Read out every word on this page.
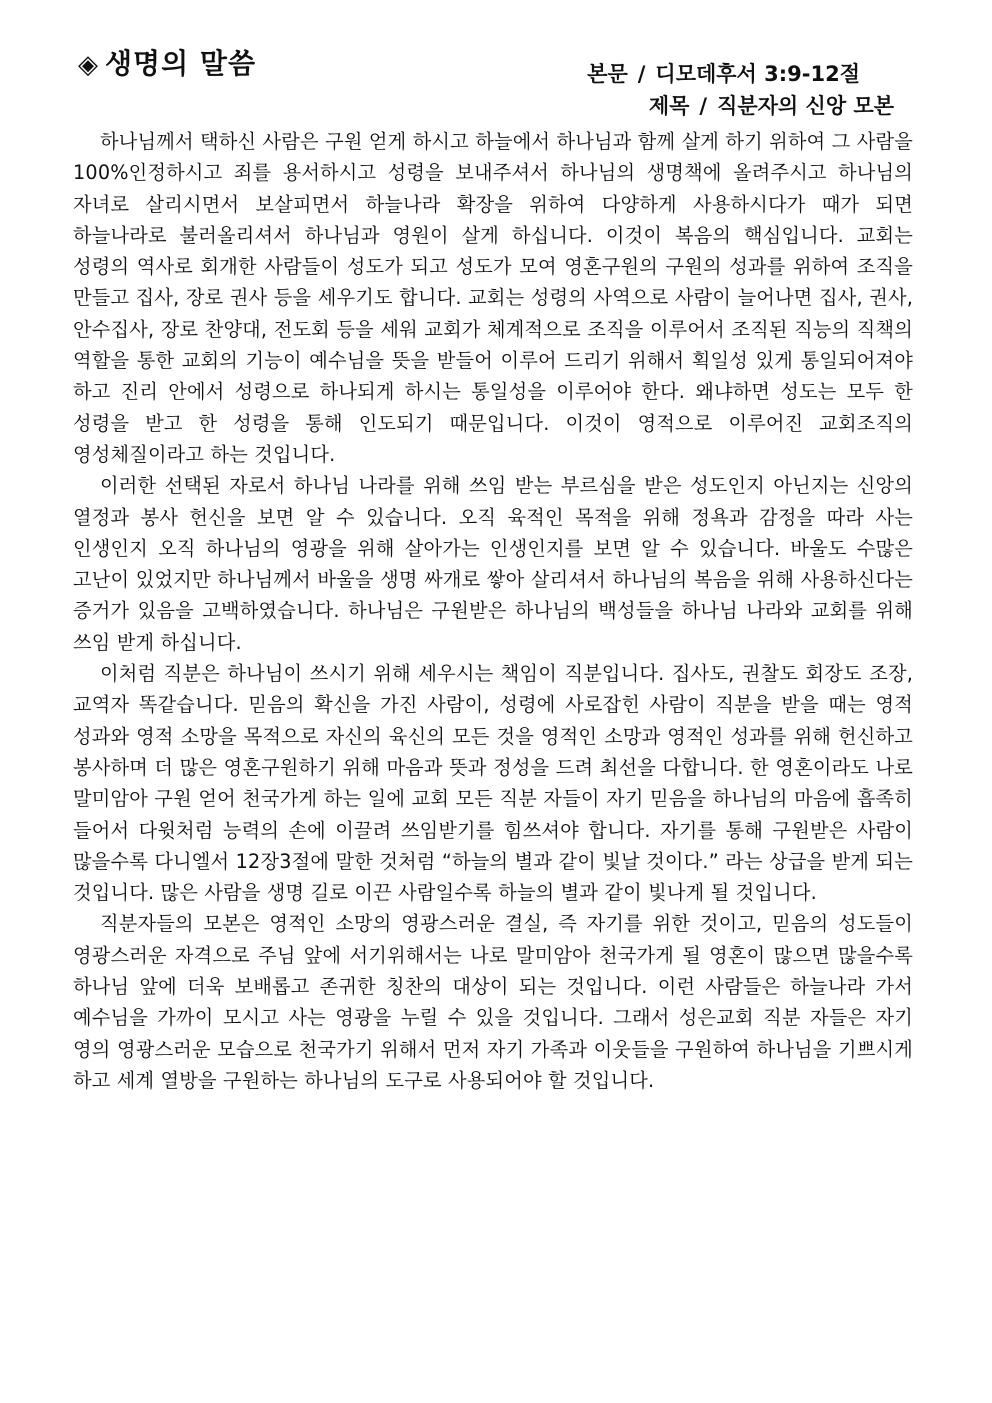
◈ 생명의 말씀	본문 / 디모데후서 3:9-12절
제목 / 직분자의 신앙 모본

하나님께서 택하신 사람은 구원 얻게 하시고 하늘에서 하나님과 함께 살게 하기 위하여 그 사람을 100%인정하시고 죄를 용서하시고 성령을 보내주셔서 하나님의 생명책에 올려주시고 하나님의 자녀로 살리시면서 보살피면서 하늘나라 확장을 위하여 다양하게 사용하시다가 때가 되면 하늘나라로 불러올리셔서 하나님과 영원이 살게 하십니다. 이것이 복음의 핵심입니다. 교회는 성령의 역사로 회개한 사람들이 성도가 되고 성도가 모여 영혼구원의 구원의 성과를 위하여 조직을 만들고 집사, 장로 권사 등을 세우기도 합니다. 교회는 성령의 사역으로 사람이 늘어나면 집사, 권사, 안수집사, 장로 찬양대, 전도회 등을 세워 교회가 체계적으로 조직을 이루어서 조직된 직능의 직책의 역할을 통한 교회의 기능이 예수님을 뜻을 받들어 이루어 드리기 위해서 획일성 있게 통일되어져야 하고 진리 안에서 성령으로 하나되게 하시는 통일성을 이루어야 한다. 왜냐하면 성도는 모두 한 성령을 받고 한 성령을 통해 인도되기 때문입니다. 이것이 영적으로 이루어진 교회조직의 영성체질이라고 하는 것입니다.

이러한 선택된 자로서 하나님 나라를 위해 쓰임 받는 부르심을 받은 성도인지 아닌지는 신앙의 열정과 봉사 헌신을 보면 알 수 있습니다. 오직 육적인 목적을 위해 정욕과 감정을 따라 사는 인생인지 오직 하나님의 영광을 위해 살아가는 인생인지를 보면 알 수 있습니다. 바울도 수많은 고난이 있었지만 하나님께서 바울을 생명 싸개로 쌓아 살리셔서 하나님의 복음을 위해 사용하신다는 증거가 있음을 고백하였습니다. 하나님은 구원받은 하나님의 백성들을 하나님 나라와 교회를 위해 쓰임 받게 하십니다.

이처럼 직분은 하나님이 쓰시기 위해 세우시는 책임이 직분입니다. 집사도, 권찰도 회장도 조장, 교역자 똑같습니다. 믿음의 확신을 가진 사람이, 성령에 사로잡힌 사람이 직분을 받을 때는 영적 성과와 영적 소망을 목적으로 자신의 육신의 모든 것을 영적인 소망과 영적인 성과를 위해 헌신하고 봉사하며 더 많은 영혼구원하기 위해 마음과 뜻과 정성을 드려 최선을 다합니다. 한 영혼이라도 나로 말미암아 구원 얻어 천국가게 하는 일에 교회 모든 직분 자들이 자기 믿음을 하나님의 마음에 흡족히 들어서 다윗처럼 능력의 손에 이끌려 쓰임받기를 힘쓰셔야 합니다. 자기를 통해 구원받은 사람이 많을수록 다니엘서 12장3절에 말한 것처럼 “하늘의 별과 같이 빛날 것이다.” 라는 상급을 받게 되는 것입니다. 많은 사람을 생명 길로 이끈 사람일수록 하늘의 별과 같이 빛나게 될 것입니다.

직분자들의 모본은 영적인 소망의 영광스러운 결실, 즉 자기를 위한 것이고, 믿음의 성도들이 영광스러운 자격으로 주님 앞에 서기위해서는 나로 말미암아 천국가게 될 영혼이 많으면 많을수록 하나님 앞에 더욱 보배롭고 존귀한 칭찬의 대상이 되는 것입니다. 이런 사람들은 하늘나라 가서 예수님을 가까이 모시고 사는 영광을 누릴 수 있을 것입니다. 그래서 성은교회 직분 자들은 자기 영의 영광스러운 모습으로 천국가기 위해서 먼저 자기 가족과 이웃들을 구원하여 하나님을 기쁘시게 하고 세계 열방을 구원하는 하나님의 도구로 사용되어야 할 것입니다.
